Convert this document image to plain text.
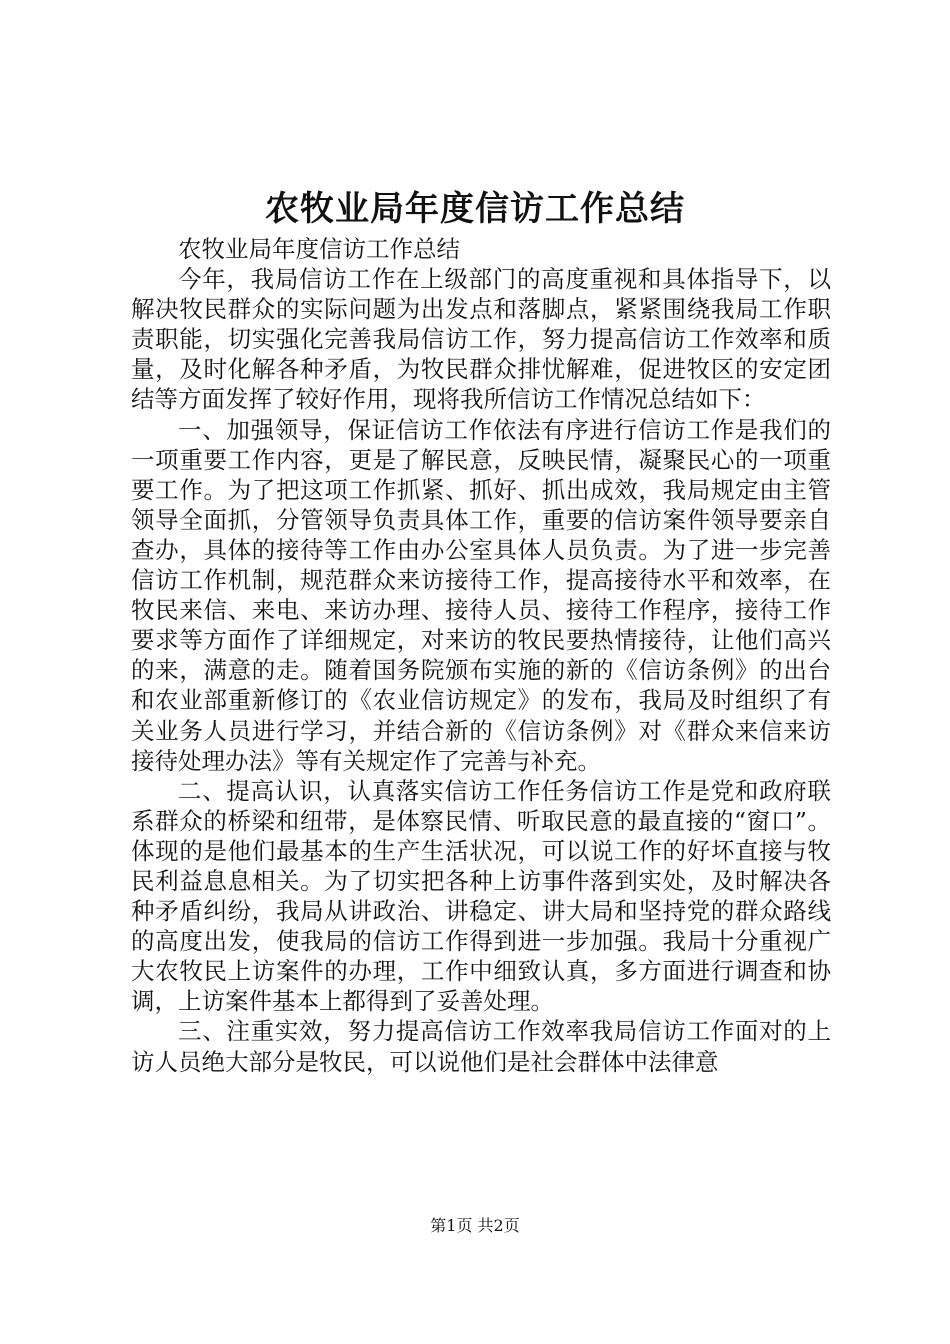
农牧业局年度信访工作总结

农牧业局年度信访工作总结

今年，我局信访工作在上级部门的高度重视和具体指导下，以解决牧民群众的实际问题为出发点和落脚点，紧紧围绕我局工作职责职能，切实强化完善我局信访工作，努力提高信访工作效率和质量，及时化解各种矛盾，为牧民群众排忧解难，促进牧区的安定团结等方面发挥了较好作用，现将我所信访工作情况总结如下：

一、加强领导，保证信访工作依法有序进行信访工作是我们的一项重要工作内容，更是了解民意，反映民情，凝聚民心的一项重要工作。为了把这项工作抓紧、抓好、抓出成效，我局规定由主管领导全面抓，分管领导负责具体工作，重要的信访案件领导要亲自查办，具体的接待等工作由办公室具体人员负责。为了进一步完善信访工作机制，规范群众来访接待工作，提高接待水平和效率，在牧民来信、来电、来访办理、接待人员、接待工作程序，接待工作要求等方面作了详细规定，对来访的牧民要热情接待，让他们高兴的来，满意的走。随着国务院颁布实施的新的《信访条例》的出台和农业部重新修订的《农业信访规定》的发布，我局及时组织了有关业务人员进行学习，并结合新的《信访条例》对《群众来信来访接待处理办法》等有关规定作了完善与补充。

二、提高认识，认真落实信访工作任务信访工作是党和政府联系群众的桥梁和纽带，是体察民情、听取民意的最直接的“窗口”。体现的是他们最基本的生产生活状况，可以说工作的好坏直接与牧民利益息息相关。为了切实把各种上访事件落到实处，及时解决各种矛盾纠纷，我局从讲政治、讲稳定、讲大局和坚持党的群众路线的高度出发，使我局的信访工作得到进一步加强。我局十分重视广大农牧民上访案件的办理，工作中细致认真，多方面进行调查和协调，上访案件基本上都得到了妥善处理。

三、注重实效，努力提高信访工作效率我局信访工作面对的上访人员绝大部分是牧民，可以说他们是社会群体中法律意

第1页 共2页
